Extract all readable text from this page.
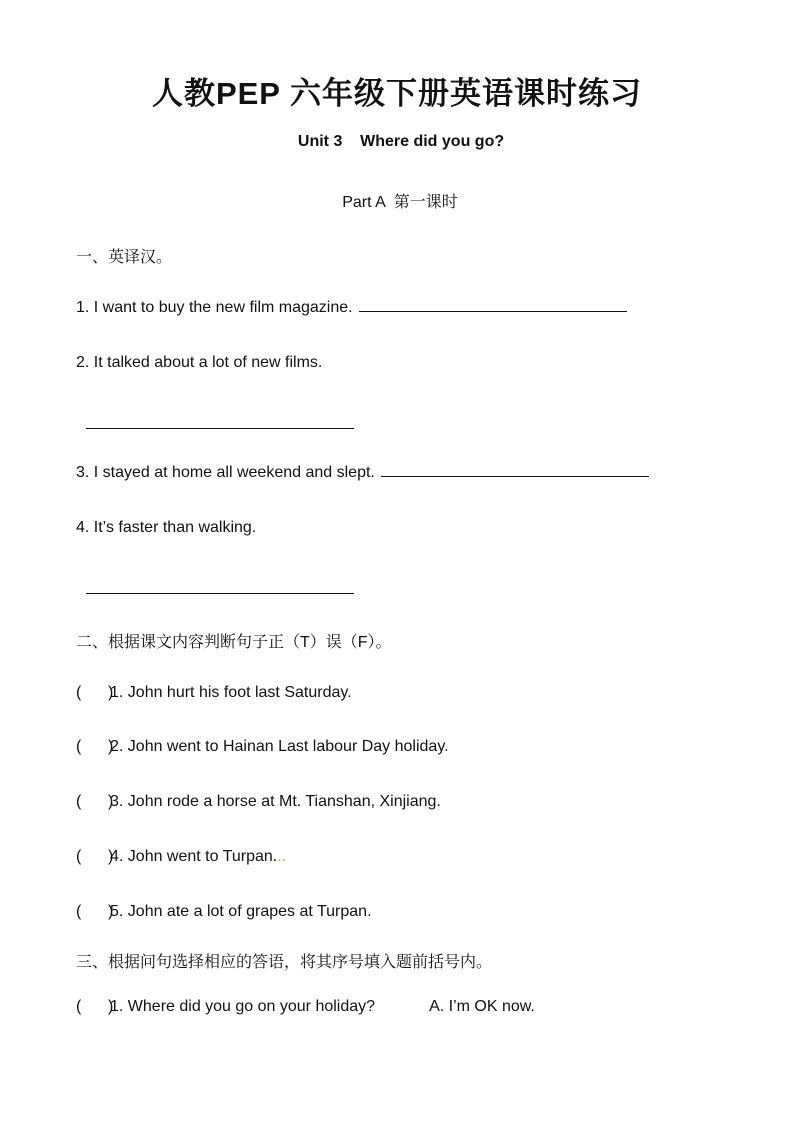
人教PEP 六年级下册英语课时练习
Unit 3    Where did you go?
Part A  第一课时
一、英译汉。
1. I want to buy the new film magazine.
2. It talked about a lot of new films.
3. I stayed at home all weekend and slept.
4. It’s faster than walking.
二、根据课文内容判断句子正（T）误（F）。
(      )1. John hurt his foot last Saturday.
(      )2. John went to Hainan Last labour Day holiday.
(      )3. John rode a horse at Mt. Tianshan, Xinjiang.
(      )4. John went to Turpan...
(      )5. John ate a lot of grapes at Turpan.
三、根据问句选择相应的答语，将其序号填入题前括号内。
(      )1. Where did you go on your holiday?	A. I’m OK now.
